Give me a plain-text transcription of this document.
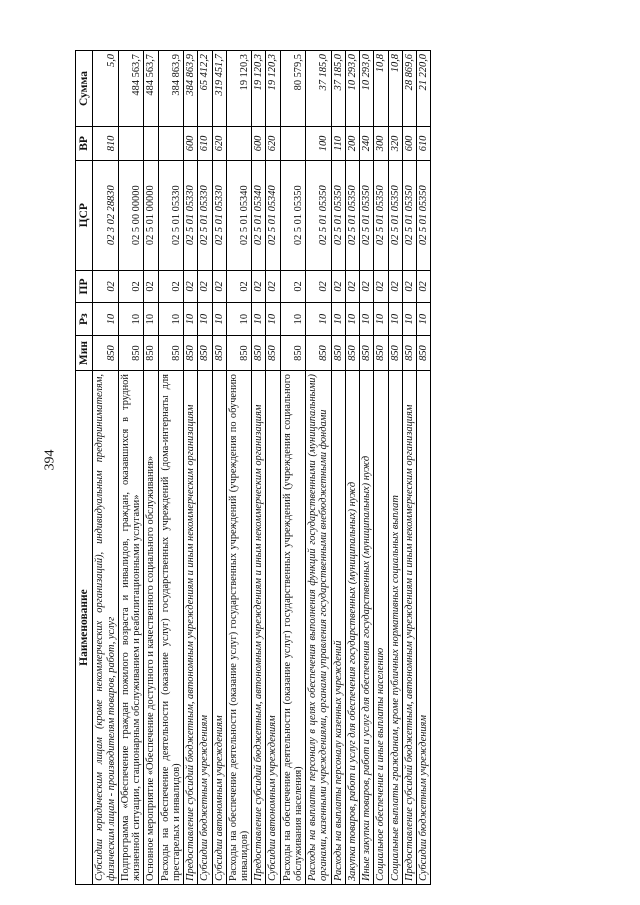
394
Наименование	Мин	Рз	ПР	ЦСР	ВР	Сумма
Субсидии юридическим лицам (кроме некоммерческих организаций), индивидуальным предпринимателям, физическим лицам - производителям товаров, работ, услуг	850	10	02	02 3 02 28830	810	5,0
Подпрограмма «Обеспечение граждан пожилого возраста и инвалидов, граждан, оказавшихся в трудной жизненной ситуации, стационарным обслуживанием и реабилитационными услугами»	850	10	02	02 5 00 00000		484 563,7
Основное мероприятие «Обеспечение доступного и качественного социального обслуживания»	850	10	02	02 5 01 00000		484 563,7
Расходы на обеспечение деятельности (оказание услуг) государственных учреждений (дома-интернаты для престарелых и инвалидов)	850	10	02	02 5 01 05330		384 863,9
Предоставление субсидий бюджетным, автономным учреждениям и иным некоммерческим организациям	850	10	02	02 5 01 05330	600	384 863,9
Субсидии бюджетным учреждениям	850	10	02	02 5 01 05330	610	65 412,2
Субсидии автономным учреждениям	850	10	02	02 5 01 05330	620	319 451,7
Расходы на обеспечение деятельности (оказание услуг) государственных учреждений (учреждения по обучению инвалидов)	850	10	02	02 5 01 05340		19 120,3
Предоставление субсидий бюджетным, автономным учреждениям и иным некоммерческим организациям	850	10	02	02 5 01 05340	600	19 120,3
Субсидии автономным учреждениям	850	10	02	02 5 01 05340	620	19 120,3
Расходы на обеспечение деятельности (оказание услуг) государственных учреждений (учреждения социального обслуживания населения)	850	10	02	02 5 01 05350		80 579,5
Расходы на выплаты персоналу в целях обеспечения выполнения функций государственными (муниципальными) органами, казенными учреждениями, органами управления государственными внебюджетными фондами	850	10	02	02 5 01 05350	100	37 185,0
Расходы на выплаты персоналу казенных учреждений	850	10	02	02 5 01 05350	110	37 185,0
Закупка товаров, работ и услуг для обеспечения государственных (муниципальных) нужд	850	10	02	02 5 01 05350	200	10 293,0
Иные закупки товаров, работ и услуг для обеспечения государственных (муниципальных) нужд	850	10	02	02 5 01 05350	240	10 293,0
Социальное обеспечение и иные выплаты населению	850	10	02	02 5 01 05350	300	10,8
Социальные выплаты гражданам, кроме публичных нормативных социальных выплат	850	10	02	02 5 01 05350	320	10,8
Предоставление субсидий бюджетным, автономным учреждениям и иным некоммерческим организациям	850	10	02	02 5 01 05350	600	28 869,6
Субсидии бюджетным учреждениям	850	10	02	02 5 01 05350	610	21 220,0
